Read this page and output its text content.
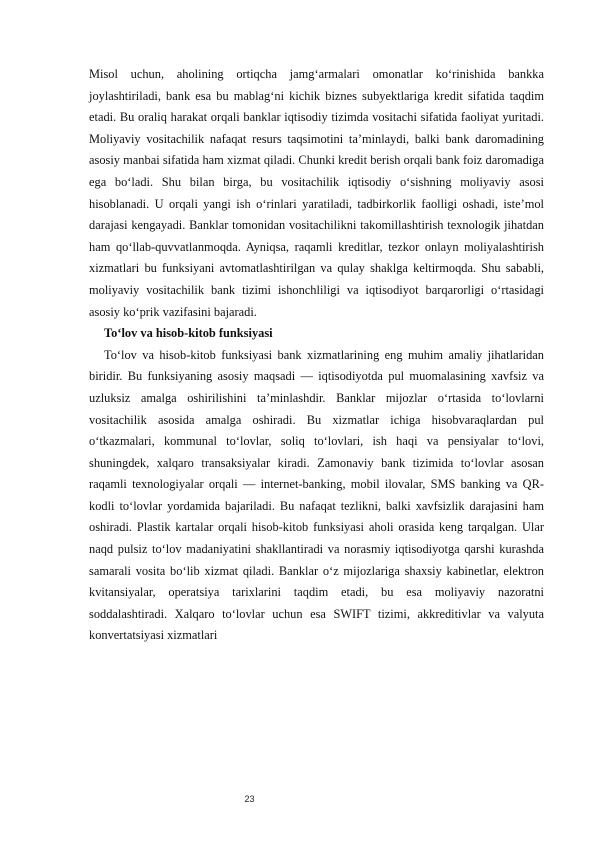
Misol uchun, aholining ortiqcha jamg‘armalari omonatlar ko‘rinishida bankka joylashtiriladi, bank esa bu mablag‘ni kichik biznes subyektlariga kredit sifatida taqdim etadi. Bu oraliq harakat orqali banklar iqtisodiy tizimda vositachi sifatida faoliyat yuritadi. Moliyaviy vositachilik nafaqat resurs taqsimotini ta’minlaydi, balki bank daromadining asosiy manbai sifatida ham xizmat qiladi. Chunki kredit berish orqali bank foiz daromadiga ega bo‘ladi. Shu bilan birga, bu vositachilik iqtisodiy o‘sishning moliyaviy asosi hisoblanadi. U orqali yangi ish o‘rinlari yaratiladi, tadbirkorlik faolligi oshadi, iste’mol darajasi kengayadi. Banklar tomonidan vositachilikni takomillashtirish texnologik jihatdan ham qo‘llab-quvvatlanmoqda. Ayniqsa, raqamli kreditlar, tezkor onlayn moliyalashtirish xizmatlari bu funksiyani avtomatlashtirilgan va qulay shaklga keltirmoqda. Shu sababli, moliyaviy vositachilik bank tizimi ishonchliligi va iqtisodiyot barqarorligi o‘rtasidagi asosiy ko‘prik vazifasini bajaradi.

To‘lov va hisob-kitob funksiyasi

To‘lov va hisob-kitob funksiyasi bank xizmatlarining eng muhim amaliy jihatlaridan biridir. Bu funksiyaning asosiy maqsadi — iqtisodiyotda pul muomalasining xavfsiz va uzluksiz amalga oshirilishini ta’minlashdir. Banklar mijozlar o‘rtasida to‘lovlarni vositachilik asosida amalga oshiradi. Bu xizmatlar ichiga hisobvaraqlardan pul o‘tkazmalari, kommunal to‘lovlar, soliq to‘lovlari, ish haqi va pensiyalar to‘lovi, shuningdek, xalqaro transaksiyalar kiradi. Zamonaviy bank tizimida to‘lovlar asosan raqamli texnologiyalar orqali — internet-banking, mobil ilovalar, SMS banking va QR-kodli to‘lovlar yordamida bajariladi. Bu nafaqat tezlikni, balki xavfsizlik darajasini ham oshiradi. Plastik kartalar orqali hisob-kitob funksiyasi aholi orasida keng tarqalgan. Ular naqd pulsiz to‘lov madaniyatini shakllantiradi va norasmiy iqtisodiyotga qarshi kurashda samarali vosita bo‘lib xizmat qiladi. Banklar o‘z mijozlariga shaxsiy kabinetlar, elektron kvitansiyalar, operatsiya tarixlarini taqdim etadi, bu esa moliyaviy nazoratni soddalashtiradi. Xalqaro to‘lovlar uchun esa SWIFT tizimi, akkreditivlar va valyuta konvertatsiyasi xizmatlari

23
